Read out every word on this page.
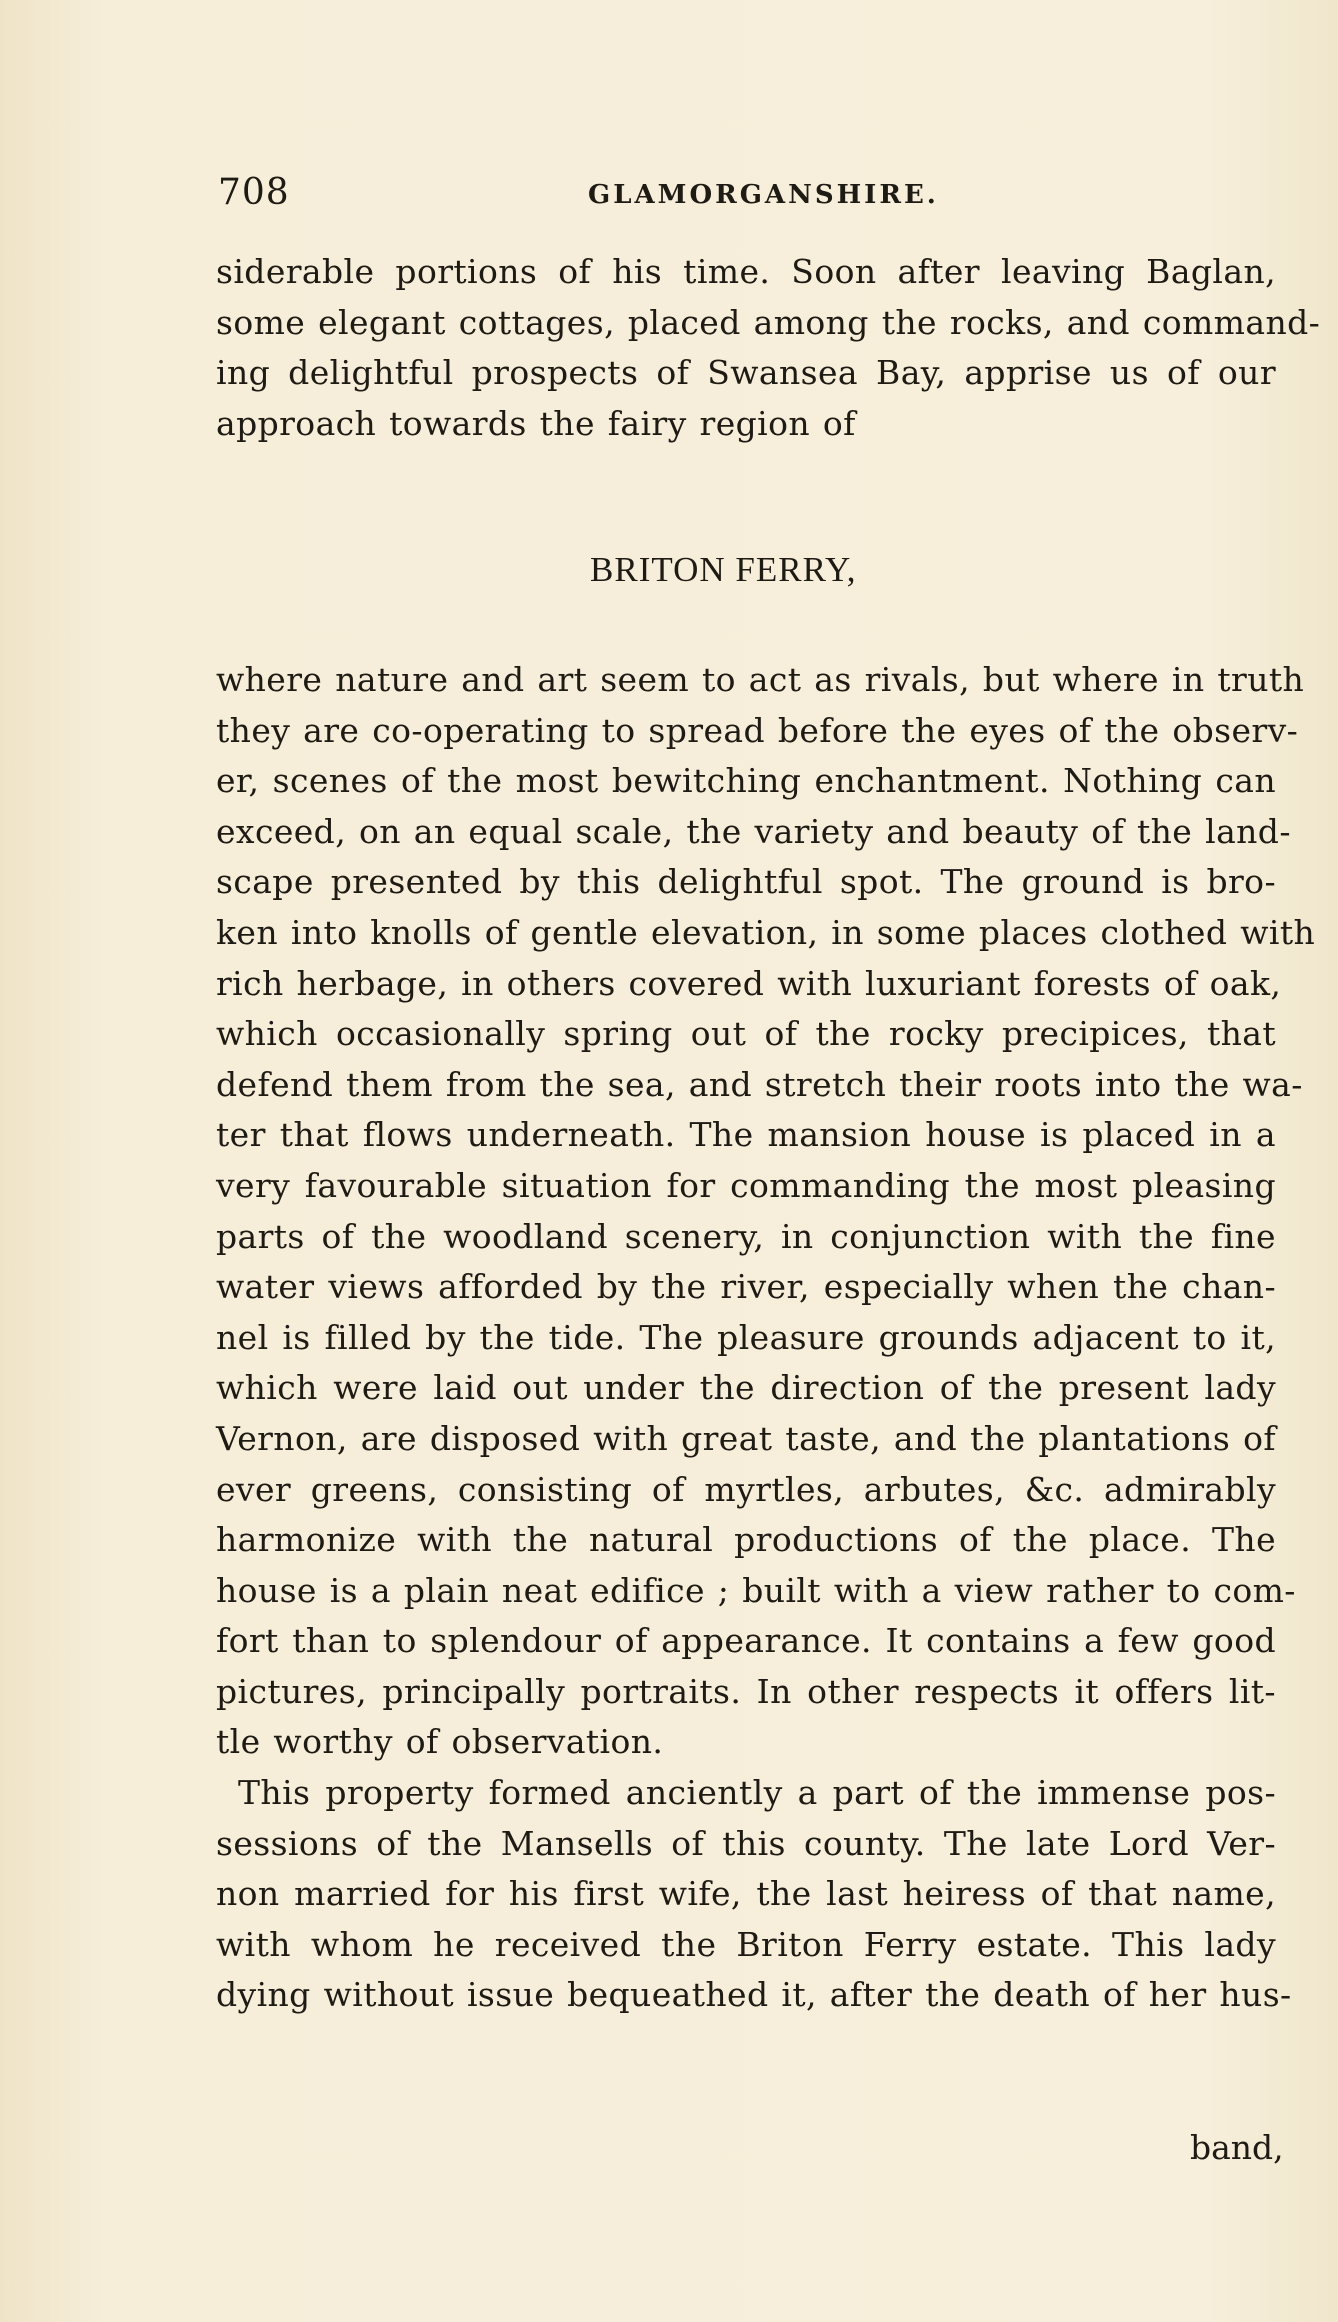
708	GLAMORGANSHIRE.
siderable portions of his time. Soon after leaving Baglan,
some elegant cottages, placed among the rocks, and command-
ing delightful prospects of Swansea Bay, apprise us of our
approach towards the fairy region of
BRITON FERRY,
where nature and art seem to act as rivals, but where in truth
they are co-operating to spread before the eyes of the observ-
er, scenes of the most bewitching enchantment. Nothing can
exceed, on an equal scale, the variety and beauty of the land-
scape presented by this delightful spot. The ground is bro-
ken into knolls of gentle elevation, in some places clothed with
rich herbage, in others covered with luxuriant forests of oak,
which occasionally spring out of the rocky precipices, that
defend them from the sea, and stretch their roots into the wa-
ter that flows underneath. The mansion house is placed in a
very favourable situation for commanding the most pleasing
parts of the woodland scenery, in conjunction with the fine
water views afforded by the river, especially when the chan-
nel is filled by the tide. The pleasure grounds adjacent to it,
which were laid out under the direction of the present lady
Vernon, are disposed with great taste, and the plantations of
ever greens, consisting of myrtles, arbutes, &c. admirably
harmonize with the natural productions of the place. The
house is a plain neat edifice ; built with a view rather to com-
fort than to splendour of appearance. It contains a few good
pictures, principally portraits. In other respects it offers lit-
tle worthy of observation.
This property formed anciently a part of the immense pos-
sessions of the Mansells of this county. The late Lord Ver-
non married for his first wife, the last heiress of that name,
with whom he received the Briton Ferry estate. This lady
dying without issue bequeathed it, after the death of her hus-
band,
